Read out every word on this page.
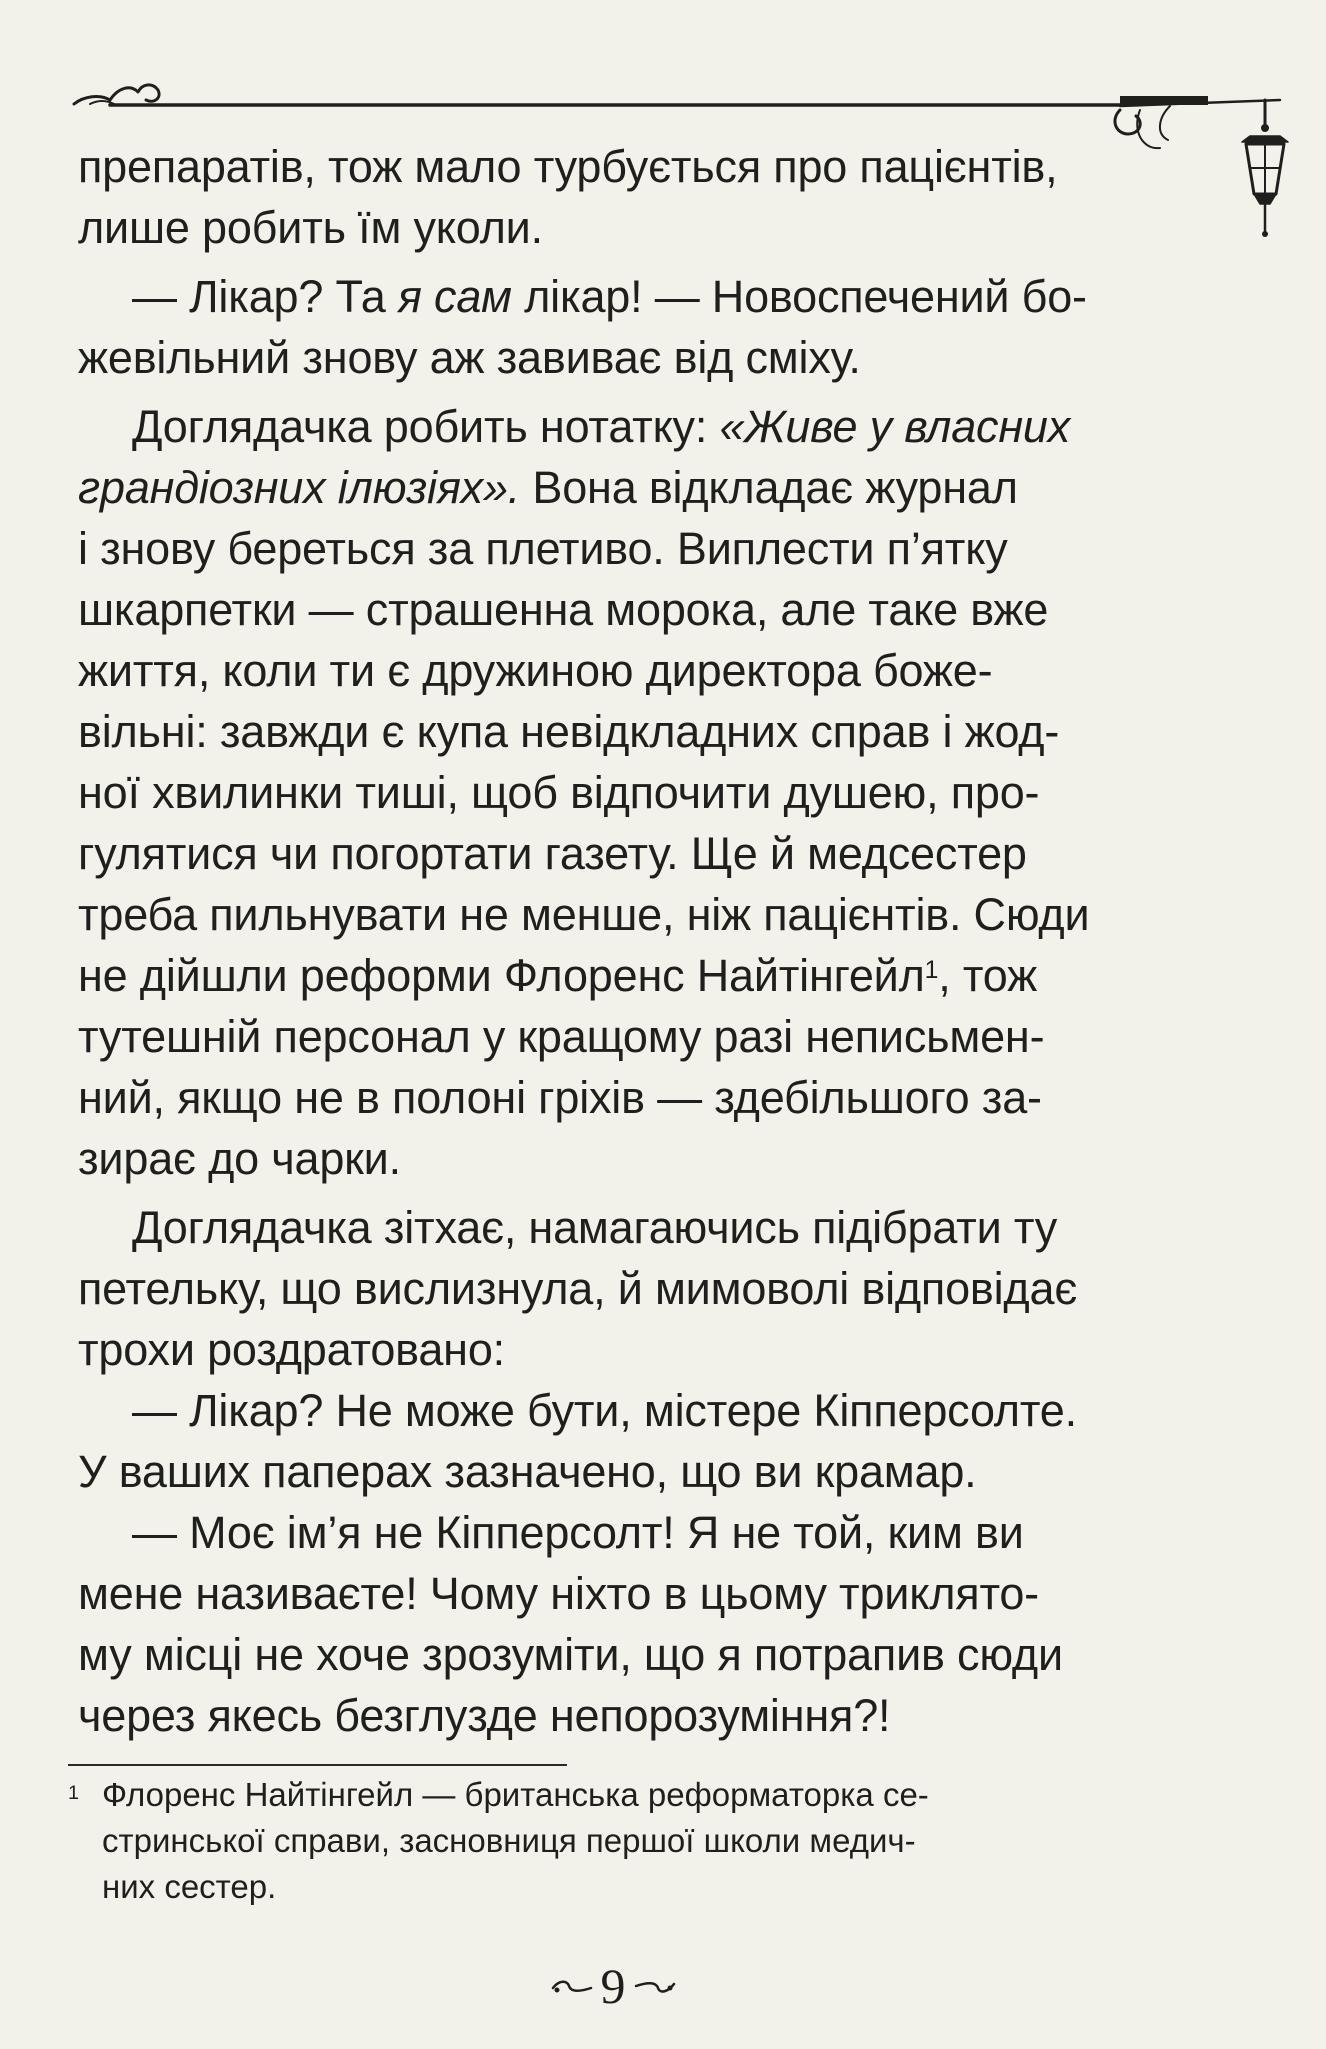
препаратів, тож мало турбується про пацієнтів,
лише робить їм уколи.
— Лікар? Та я сам лікар! — Новоспечений бо-
жевільний знову аж завиває від сміху.
Доглядачка робить нотатку: «Живе у власних
грандіозних ілюзіях». Вона відкладає журнал
і знову береться за плетиво. Виплести п’ятку
шкарпетки — страшенна морока, але таке вже
життя, коли ти є дружиною директора боже-
вільні: завжди є купа невідкладних справ і жод-
ної хвилинки тиші, щоб відпочити душею, про-
гулятися чи погортати газету. Ще й медсестер
треба пильнувати не менше, ніж пацієнтів. Сюди
не дійшли реформи Флоренс Найтінгейл$^1$, тож
тутешній персонал у кращому разі неписьмен-
ний, якщо не в полоні гріхів — здебільшого за-
зирає до чарки.
Доглядачка зітхає, намагаючись підібрати ту
петельку, що вислизнула, й мимоволі відповідає
трохи роздратовано:
— Лікар? Не може бути, містере Кіпперсолте.
У ваших паперах зазначено, що ви крамар.
— Моє ім’я не Кіпперсолт! Я не той, ким ви
мене називаєте! Чому ніхто в цьому триклято-
му місці не хоче зрозуміти, що я потрапив сюди
через якесь безглузде непорозуміння?!
1 Флоренс Найтінгейл — британська реформаторка се-
стринської справи, засновниця першої школи медич-
них сестер.
9
